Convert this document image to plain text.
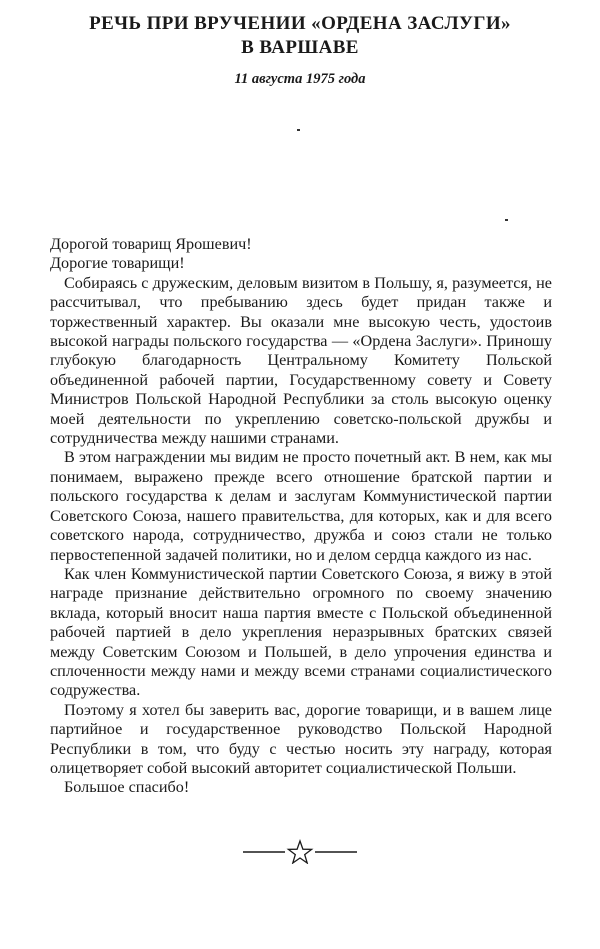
РЕЧЬ ПРИ ВРУЧЕНИИ «ОРДЕНА ЗАСЛУГИ»
В ВАРШАВЕ

11 августа 1975 года

Дорогой товарищ Ярошевич!

Дорогие товарищи!

Собираясь с дружеским, деловым визитом в Польшу, я, разумеется, не рассчитывал, что пребыванию здесь будет придан также и торжественный характер. Вы оказали мне высокую честь, удостоив высокой награды польского государства — «Ордена Заслуги». Приношу глубокую благодарность Центральному Комитету Польской объединенной рабочей партии, Государственному совету и Совету Министров Польской Народной Республики за столь высокую оценку моей деятельности по укреплению советско-польской дружбы и сотрудничества между нашими странами.

В этом награждении мы видим не просто почетный акт. В нем, как мы понимаем, выражено прежде всего отношение братской партии и польского государства к делам и заслугам Коммунистической партии Советского Союза, нашего правительства, для которых, как и для всего советского народа, сотрудничество, дружба и союз стали не только первостепенной задачей политики, но и делом сердца каждого из нас.

Как член Коммунистической партии Советского Союза, я вижу в этой награде признание действительно огромного по своему значению вклада, который вносит наша партия вместе с Польской объединенной рабочей партией в дело укрепления неразрывных братских связей между Советским Союзом и Польшей, в дело упрочения единства и сплоченности между нами и между всеми странами социалистического содружества.

Поэтому я хотел бы заверить вас, дорогие товарищи, и в вашем лице партийное и государственное руководство Польской Народной Республики в том, что буду с честью носить эту награду, которая олицетворяет собой высокий авторитет социалистической Польши.

Большое спасибо!
